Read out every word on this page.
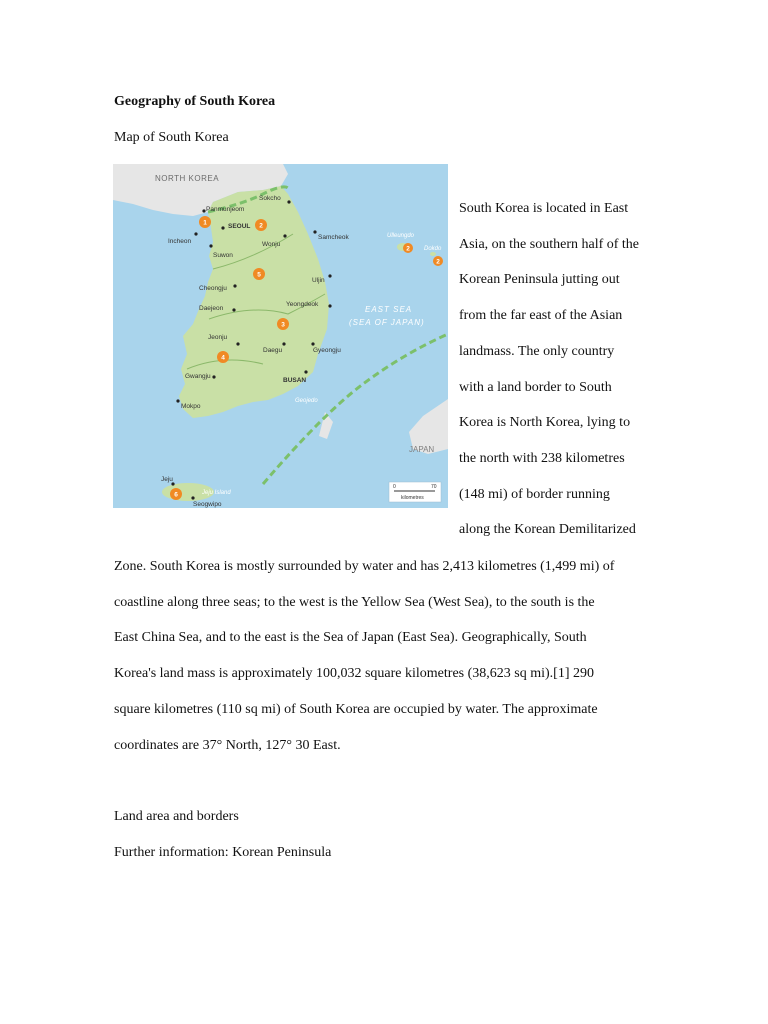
Geography of South Korea
Map of South Korea
NORTH KOREA
EAST SEA
(SEA OF JAPAN)
JAPAN
Ulleungdo
Dokdo
Geojedo
Jeju Island
Sokcho
Panmunjeom
SEOUL
Incheon
Suwon
Wonju
Samcheok
Uljin
Cheongju
Daejeon
Yeongdeok
Jeonju
Daegu	Gyeongju
Gwangju
BUSAN
Mokpo
Jeju
Seogwipo
1	2
2
2
5
3
4
6
0	70
kilometres
South Korea is located in East
Asia, on the southern half of the
Korean Peninsula jutting out
from the far east of the Asian
landmass. The only country
with a land border to South
Korea is North Korea, lying to
the north with 238 kilometres
(148 mi) of border running
along the Korean Demilitarized
Zone. South Korea is mostly surrounded by water and has 2,413 kilometres (1,499 mi) of
coastline along three seas; to the west is the Yellow Sea (West Sea), to the south is the
East China Sea, and to the east is the Sea of Japan (East Sea). Geographically, South
Korea's land mass is approximately 100,032 square kilometres (38,623 sq mi).[1] 290
square kilometres (110 sq mi) of South Korea are occupied by water. The approximate
coordinates are 37° North, 127° 30 East.
Land area and borders
Further information: Korean Peninsula
